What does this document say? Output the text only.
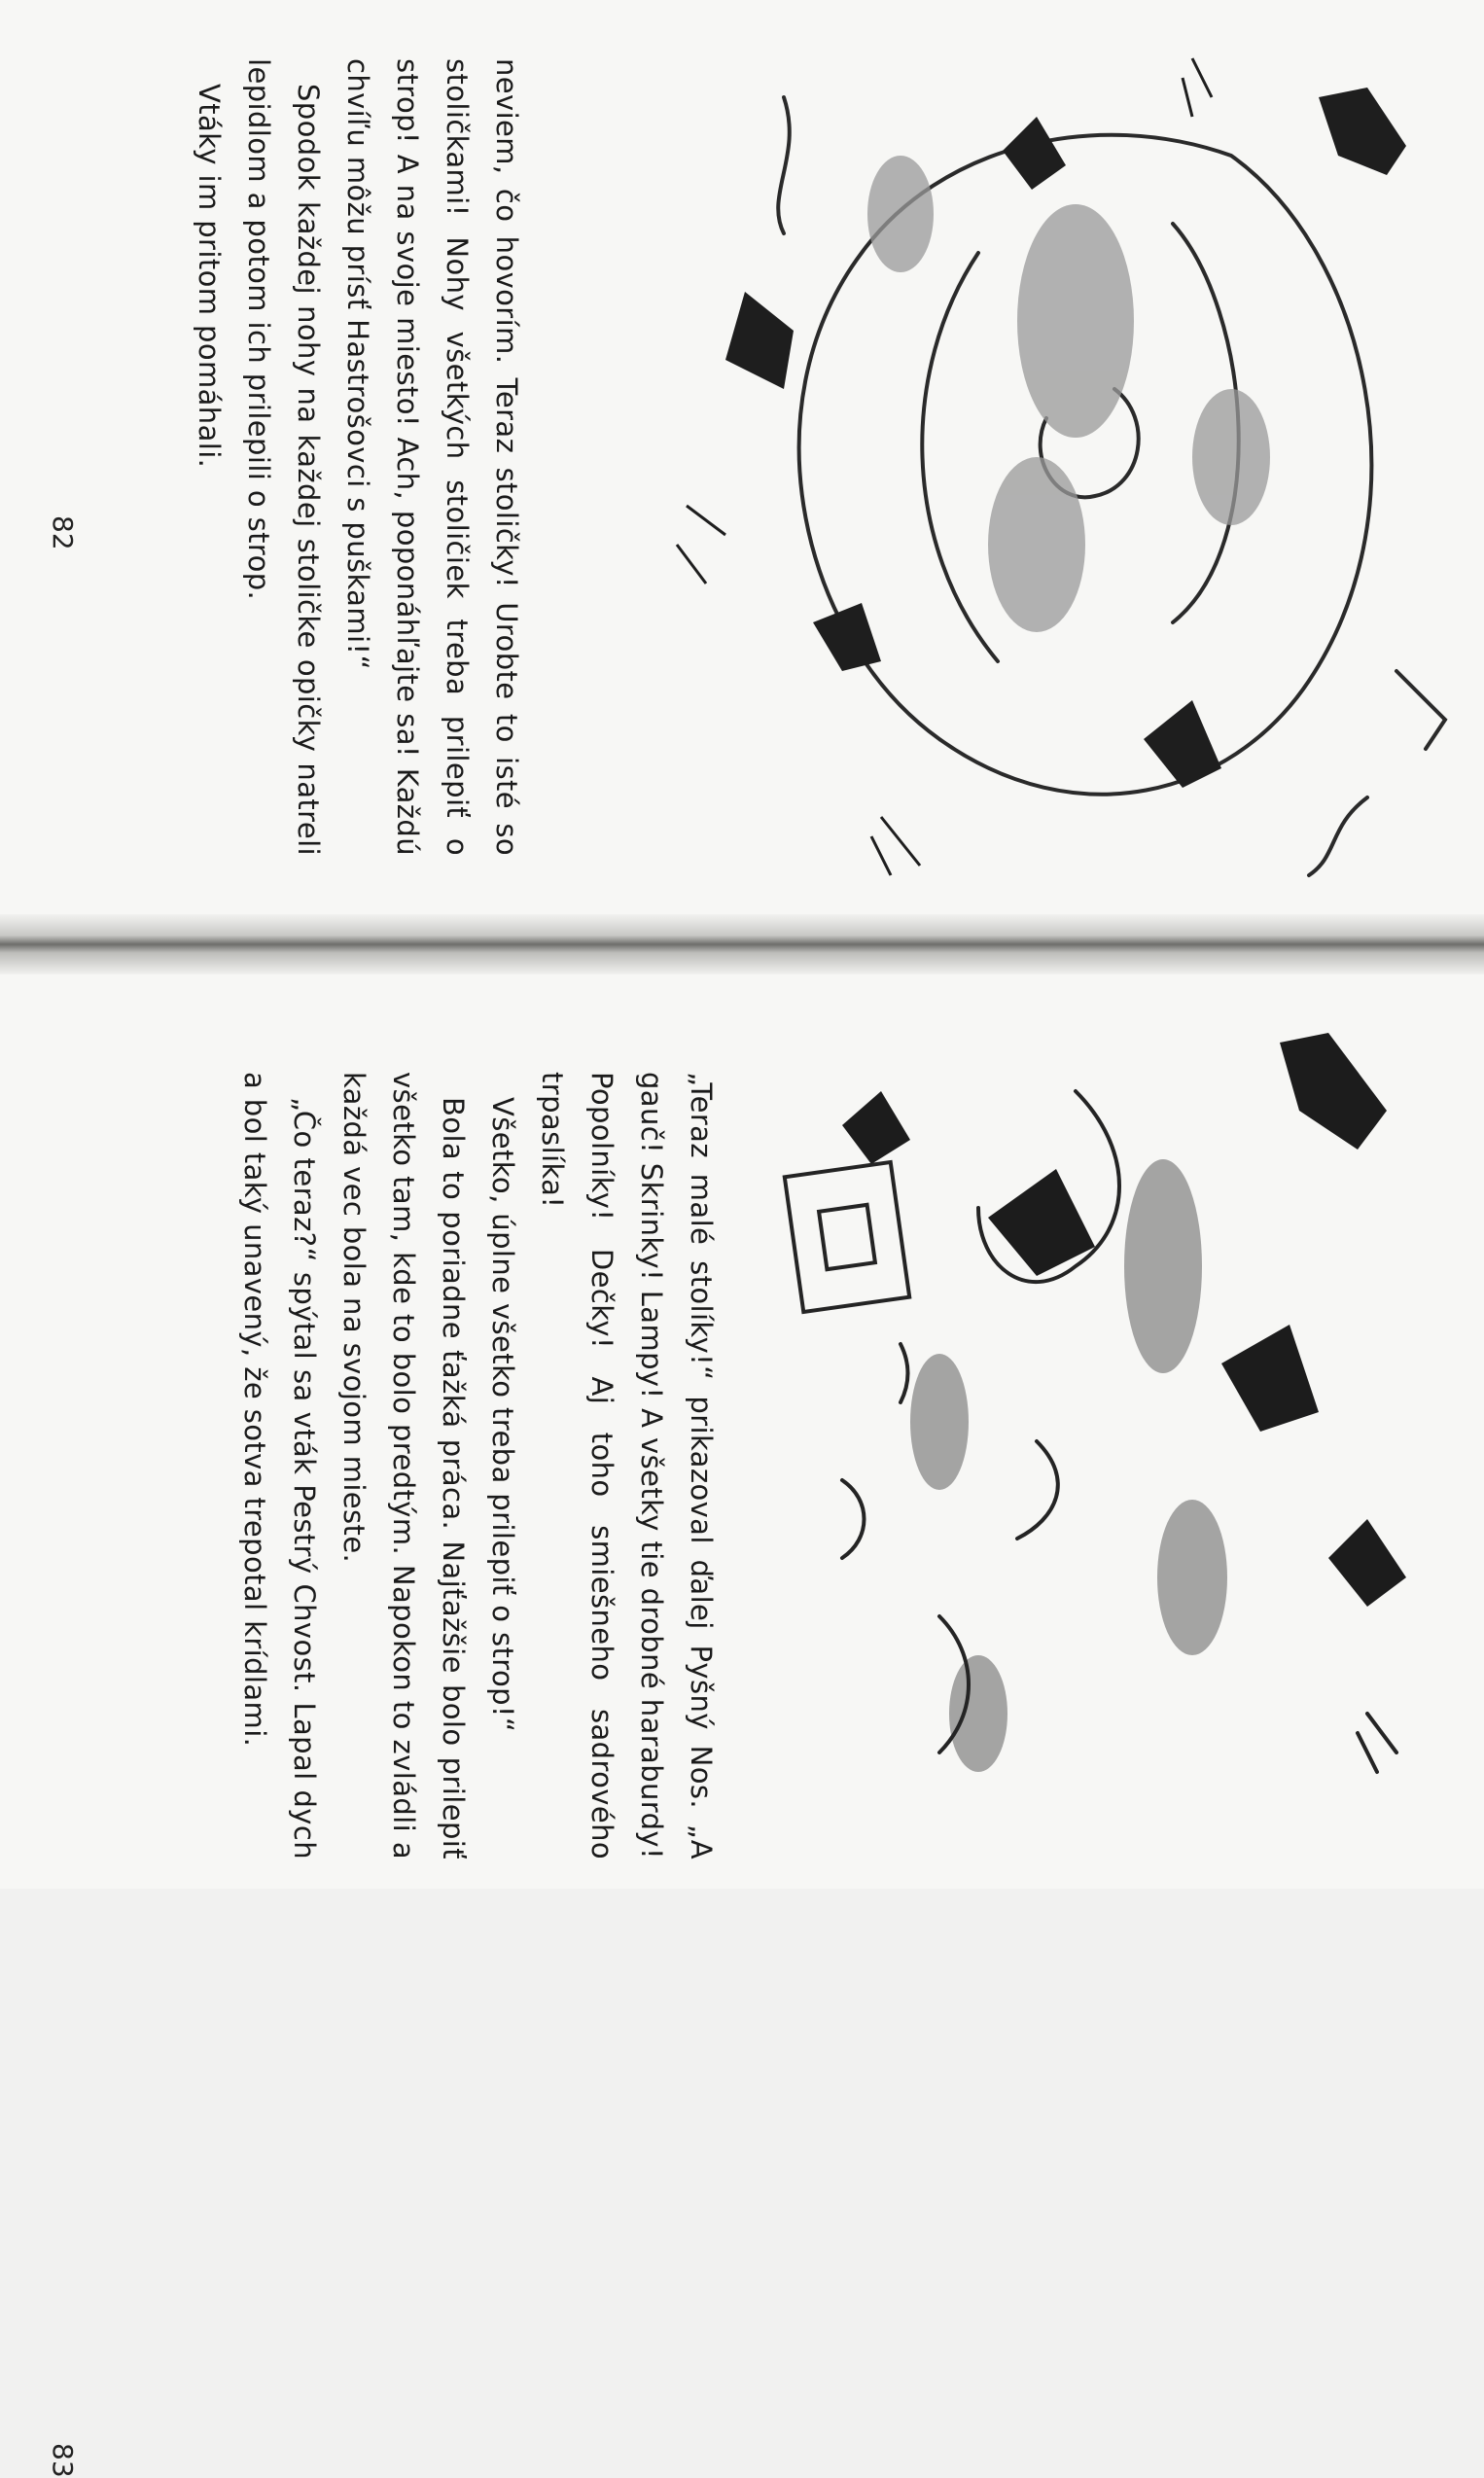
neviem, čo hovorím. Teraz stoličky! Urobte to isté so stoličkami! Nohy všetkých stoličiek treba prilepiť o strop! A na svoje miesto! Ach, poponáhľajte sa! Každú chvíľu môžu prísť Hastrošovci s puškami!“

Spodok každej nohy na každej stoličke opičky natreli lepidlom a potom ich prilepili o strop.

Vtáky im pritom pomáhali.

82

„Teraz malé stolíky!“ prikazoval ďalej Pyšný Nos. „A gauč! Skrinky! Lampy! A všetky tie drobné haraburdy! Popolníky! Dečky! Aj toho smiešneho sadrového trpaslíka!

Všetko, úplne všetko treba prilepiť o strop!“

Bola to poriadne ťažká práca. Najťažšie bolo prilepiť všetko tam, kde to bolo predtým. Napokon to zvládli a každá vec bola na svojom mieste.

„Čo teraz?“ spýtal sa vták Pestrý Chvost. Lapal dych a bol taký unavený, že sotva trepotal krídlami.

83
